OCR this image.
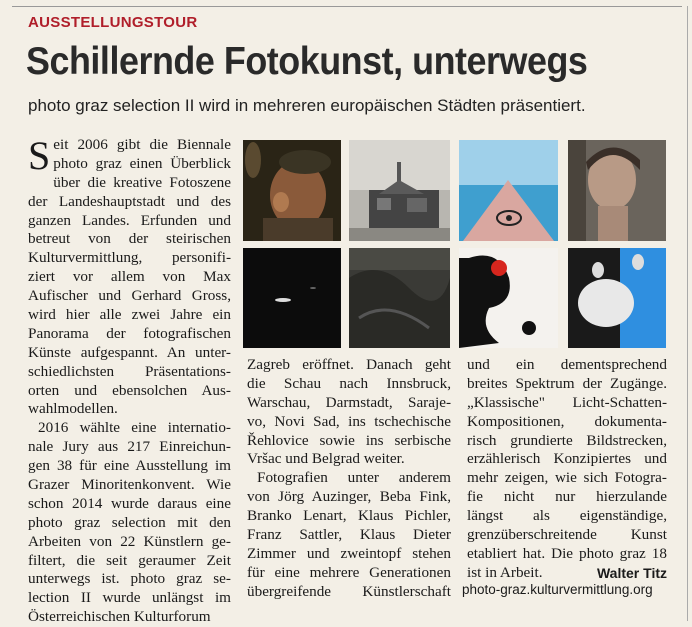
AUSSTELLUNGSTOUR
Schillernde Fotokunst, unterwegs
photo graz selection II wird in mehreren europäischen Städten präsentiert.
S eit 2006 gibt die Biennale
photo graz einen Überblick
über die kreative Fotoszene
der Landeshauptstadt und des
ganzen Landes. Erfunden und
betreut von der steirischen
Kulturvermittlung, personifi-
ziert vor allem von Max
Aufischer und Gerhard Gross,
wird hier alle zwei Jahre ein
Panorama der fotografischen
Künste aufgespannt. An unter-
schiedlichsten Präsentations-
orten und ebensolchen Aus-
wahlmodellen.
2016 wählte eine internatio-
nale Jury aus 217 Einreichun-
gen 38 für eine Ausstellung im
Grazer Minoritenkonvent. Wie
schon 2014 wurde daraus eine
photo graz selection mit den
Arbeiten von 22 Künstlern ge-
filtert, die seit geraumer Zeit
unterwegs ist. photo graz se-
lection II wurde unlängst im
Österreichischen Kulturforum
Zagreb eröffnet. Danach geht
die Schau nach Innsbruck,
Warschau, Darmstadt, Saraje-
vo, Novi Sad, ins tschechische
Řehlovice sowie ins serbische
Vršac und Belgrad weiter.
Fotografien unter anderem
von Jörg Auzinger, Beba Fink,
Branko Lenart, Klaus Pichler,
Franz Sattler, Klaus Dieter
Zimmer und zweintopf stehen
für eine mehrere Generationen
übergreifende Künstlerschaft
und ein dementsprechend
breites Spektrum der Zugänge.
„Klassische" Licht-Schatten-
Kompositionen, dokumenta-
risch grundierte Bildstrecken,
erzählerisch Konzipiertes und
mehr zeigen, wie sich Fotogra-
fie nicht nur hierzulande
längst als eigenständige,
grenzüberschreitende Kunst
etabliert hat. Die photo graz 18
ist in Arbeit.	Walter Titz
photo-graz.kulturvermittlung.org
